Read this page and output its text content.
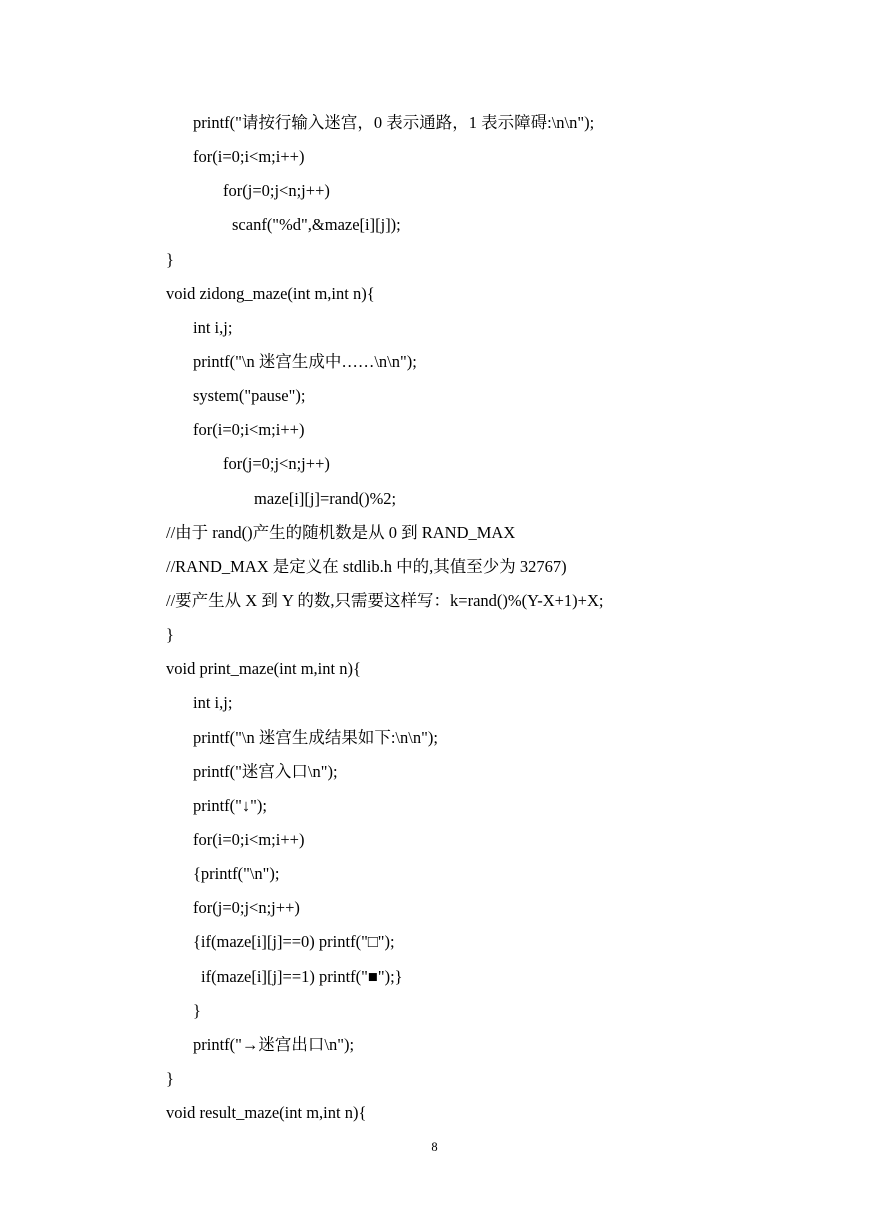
printf("请按行输入迷宫，0 表示通路，1 表示障碍:\n\n");
for(i=0;i<m;i++)
for(j=0;j<n;j++)
scanf("%d",&maze[i][j]);
}
void zidong_maze(int m,int n){
int i,j;
printf("\n 迷宫生成中……\n\n");
system("pause");
for(i=0;i<m;i++)
for(j=0;j<n;j++)
maze[i][j]=rand()%2;
//由于 rand()产生的随机数是从 0 到 RAND_MAX
//RAND_MAX 是定义在 stdlib.h 中的,其值至少为 32767)
//要产生从 X 到 Y 的数,只需要这样写：k=rand()%(Y-X+1)+X;
}
void print_maze(int m,int n){
int i,j;
printf("\n 迷宫生成结果如下:\n\n");
printf("迷宫入口\n");
printf("↓");
for(i=0;i<m;i++)
{printf("\n");
for(j=0;j<n;j++)
{if(maze[i][j]==0) printf("□");
if(maze[i][j]==1) printf("■");}
}
printf("→迷宫出口\n");
}
void result_maze(int m,int n){
8
